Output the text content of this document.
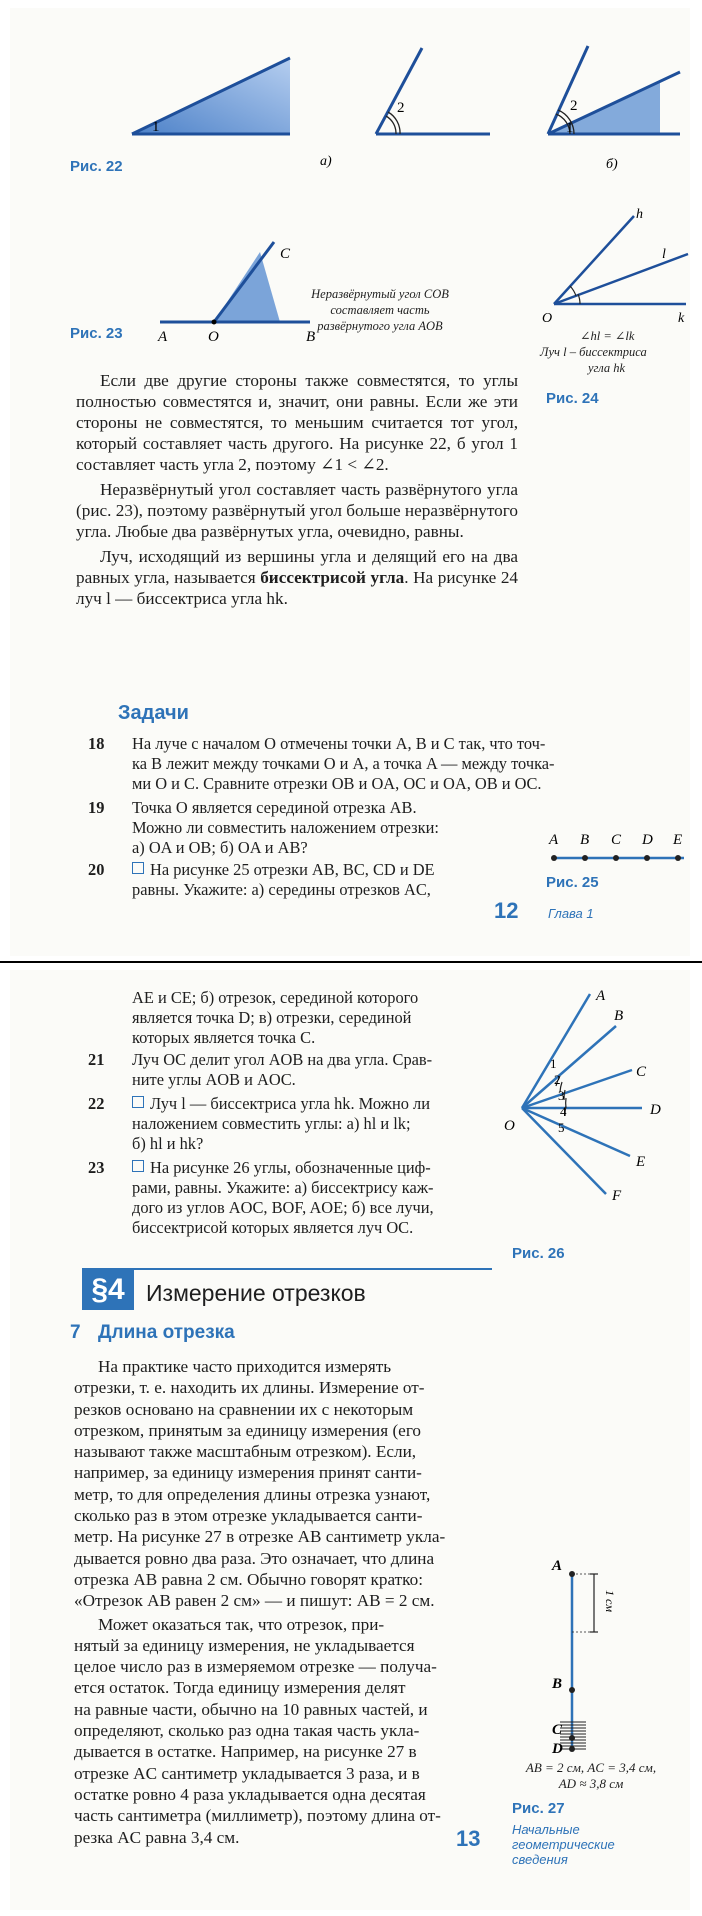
1
2
а)
2
1
б)
Рис. 22
A	O	B
C
Рис. 23
Неразвёрнутый угол COB
составляет часть
развёрнутого угла AOB	O
h
l
k
∠hl = ∠lk
Луч l – биссектриса
угла hk
Рис. 24

Если две другие стороны также совместятся, то углы полностью совместятся и, значит, они равны. Если же эти стороны не совместятся, то меньшим считается тот угол, который составляет часть другого. На рисунке 22, б угол 1 составляет часть угла 2, поэтому ∠1 < ∠2.

Неразвёрнутый угол составляет часть развёрнутого угла (рис. 23), поэтому развёрнутый угол больше неразвёрнутого угла. Любые два развёрнутых угла, очевидно, равны.

Луч, исходящий из вершины угла и делящий его на два равных угла, называется биссектрисой угла. На рисунке 24 луч l — биссектриса угла hk.

Задачи
18	На луче с началом O отмечены точки A, B и C так, что точ-
ка B лежит между точками O и A, а точка A — между точка-
ми O и C. Сравните отрезки OB и OA, OC и OA, OB и OC.
19	Точка O является серединой отрезка AB.
Можно ли совместить наложением отрезки:
а) OA и OB; б) OA и AB?
20	На рисунке 25 отрезки AB, BC, CD и DE
равны. Укажите: а) середины отрезков AC,
A B C D E
Рис. 25
12 Глава 1
AE и CE; б) отрезок, серединой которого
является точка D; в) отрезки, серединой
которых является точка C.
21	Луч OC делит угол AOB на два угла. Срав-
ните углы AOB и AOC.
22	Луч l — биссектриса угла hk. Можно ли
наложением совместить углы: а) hl и lk;
б) hl и hk?
23	На рисунке 26 углы, обозначенные циф-
рами, равны. Укажите: а) биссектрису каж-
дого из углов AOC, BOF, AOE; б) все лучи,
биссектрисой которых является луч OC.
A
B
C
D
E
F
O
1
2
3
4
5
Рис. 26
§4 Измерение отрезков
7 Длина отрезка
На практике часто приходится измерять
отрезки, т. е. находить их длины. Измерение от-
резков основано на сравнении их с некоторым
отрезком, принятым за единицу измерения (его
называют также масштабным отрезком). Если,
например, за единицу измерения принят санти-
метр, то для определения длины отрезка узнают,
сколько раз в этом отрезке укладывается санти-
метр. На рисунке 27 в отрезке AB сантиметр укла-
дывается ровно два раза. Это означает, что длина
отрезка AB равна 2 см. Обычно говорят кратко:
«Отрезок AB равен 2 см» — и пишут: AB = 2 см.
Может оказаться так, что отрезок, при-
нятый за единицу измерения, не укладывается
целое число раз в измеряемом отрезке — получа-
ется остаток. Тогда единицу измерения делят
на равные части, обычно на 10 равных частей, и
определяют, сколько раз одна такая часть укла-
дывается в остатке. Например, на рисунке 27 в
отрезке AC сантиметр укладывается 3 раза, и в
остатке ровно 4 раза укладывается одна десятая
часть сантиметра (миллиметр), поэтому длина от-
резка AC равна 3,4 см.
1 см
A
B
C
D
AB = 2 см, AC = 3,4 см,
AD ≈ 3,8 см
Рис. 27
13 Начальные
геометрические
сведения
